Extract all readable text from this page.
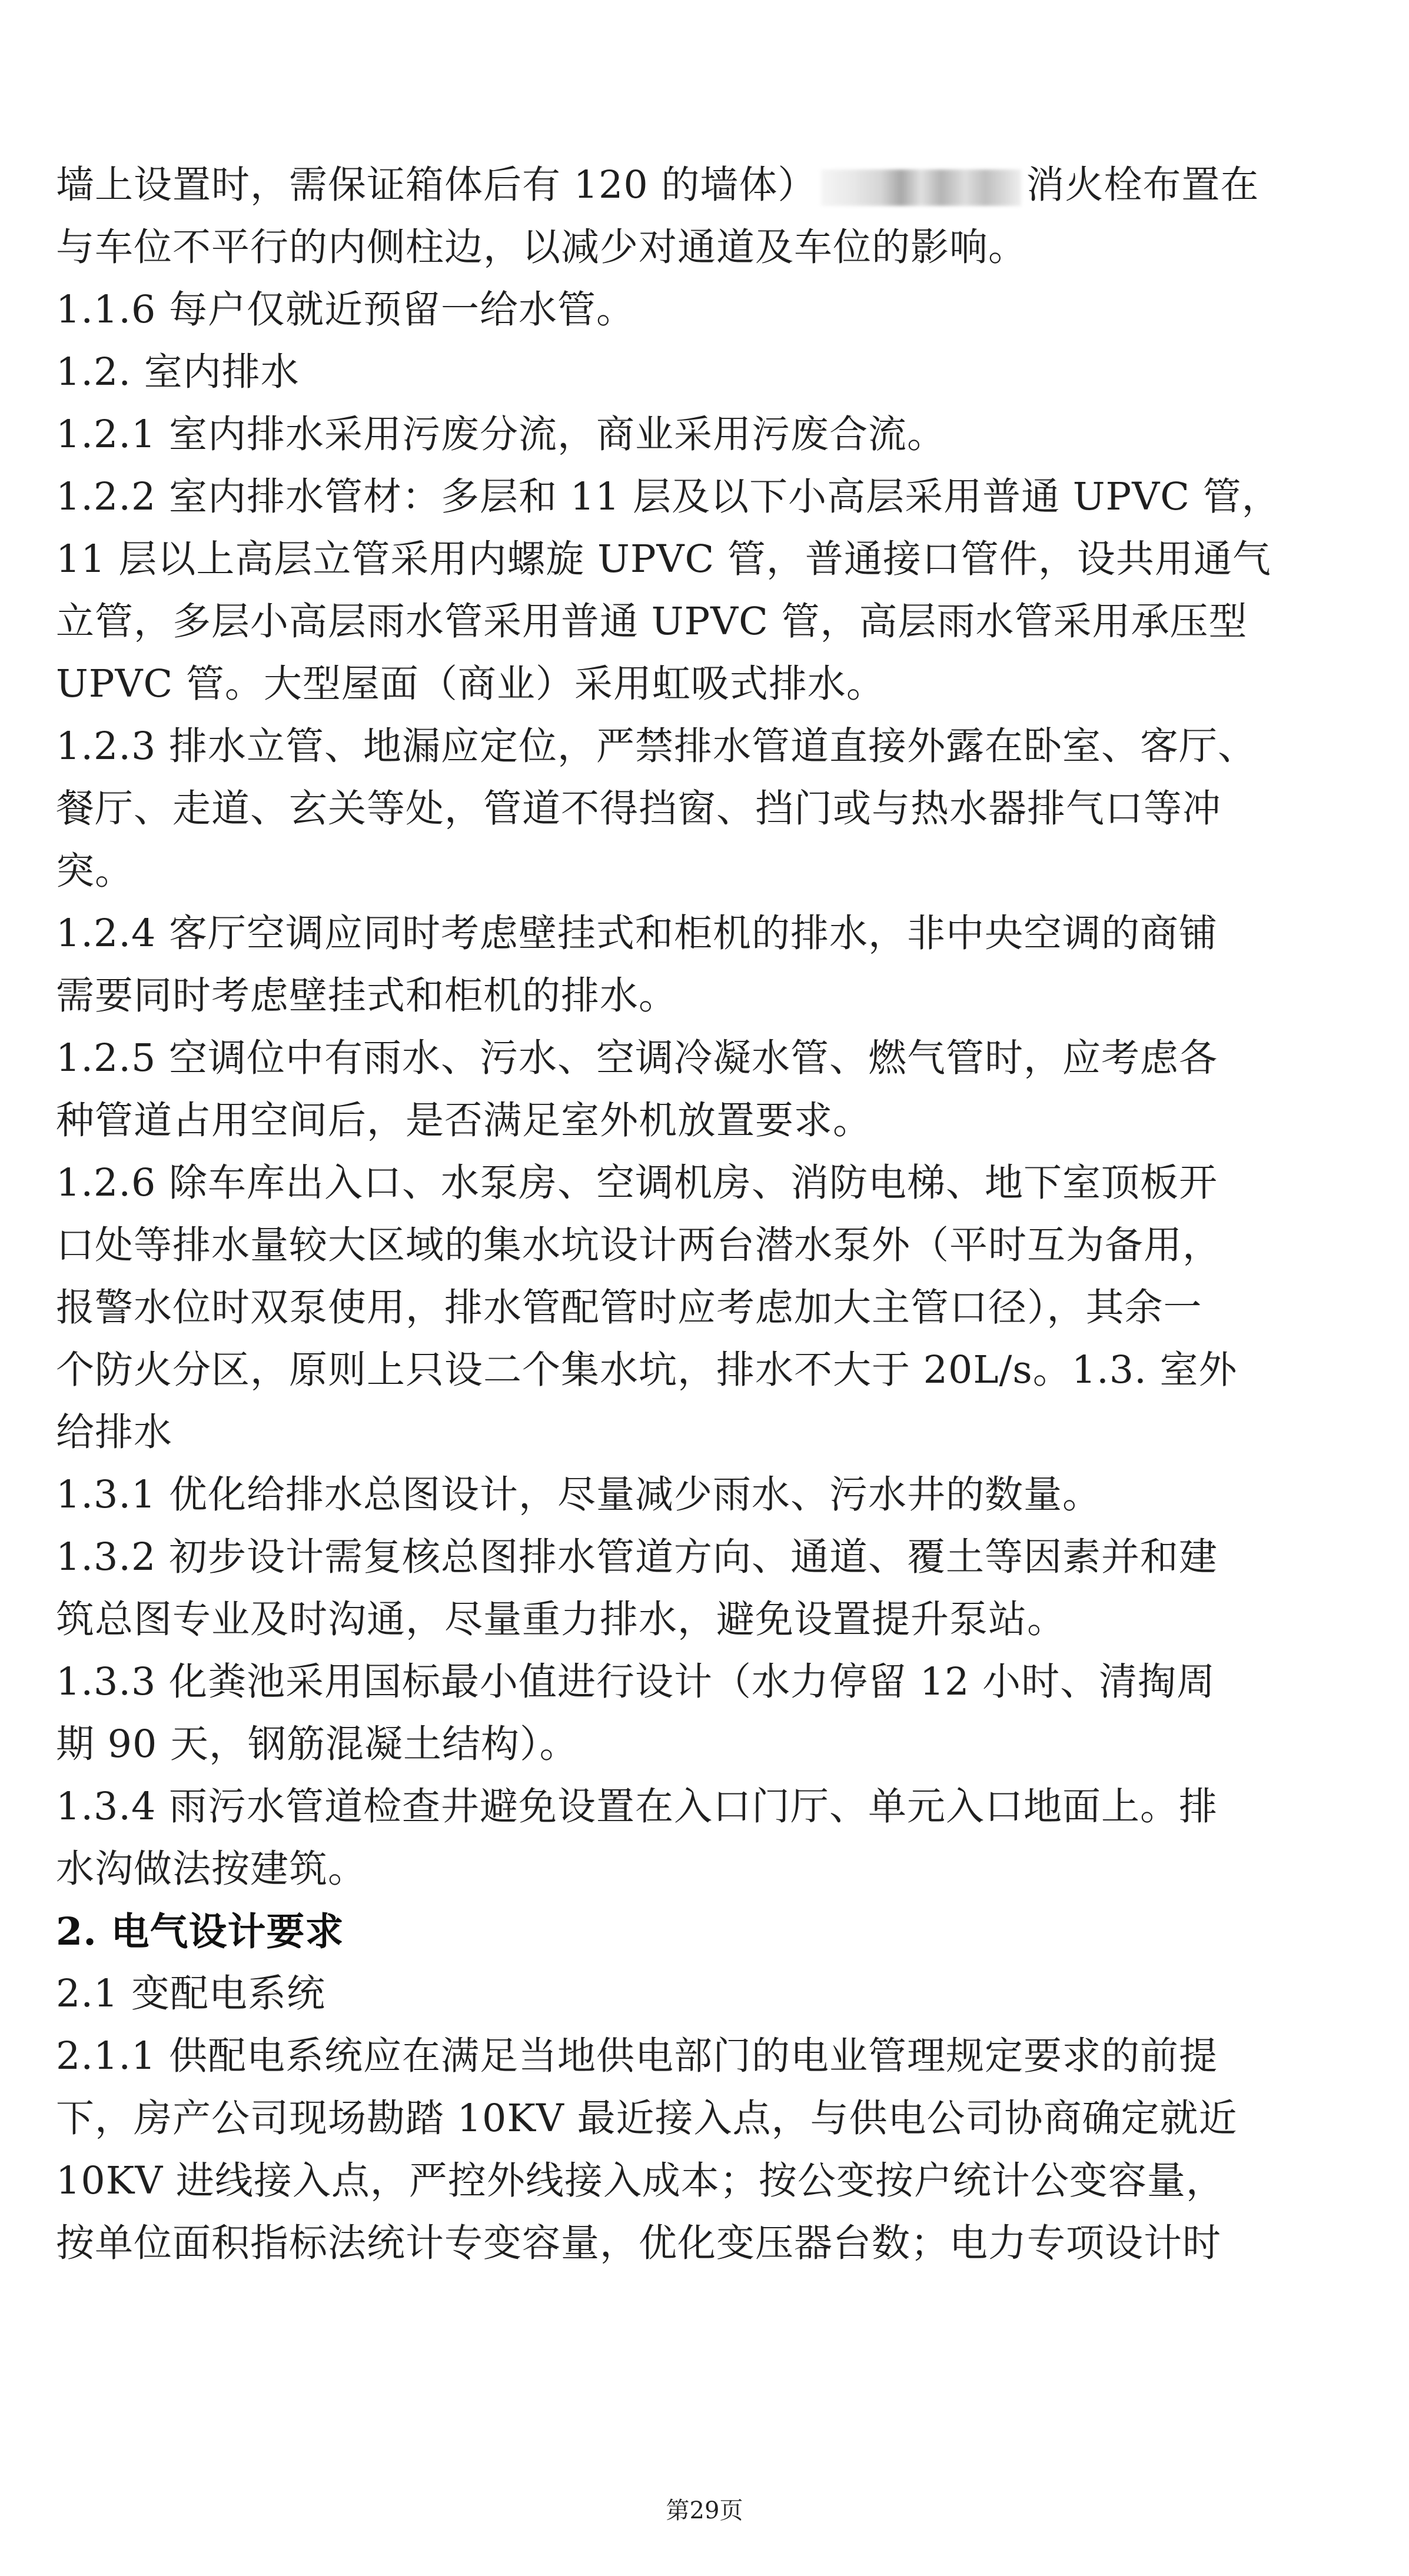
墙上设置时，需保证箱体后有 120 的墙体）	消火栓布置在
与车位不平行的内侧柱边，以减少对通道及车位的影响。
1.1.6 每户仅就近预留一给水管。
1.2. 室内排水
1.2.1 室内排水采用污废分流，商业采用污废合流。
1.2.2 室内排水管材：多层和 11 层及以下小高层采用普通 UPVC 管，
11 层以上高层立管采用内螺旋 UPVC 管，普通接口管件，设共用通气
立管，多层小高层雨水管采用普通 UPVC 管，高层雨水管采用承压型
UPVC 管。大型屋面（商业）采用虹吸式排水。
1.2.3 排水立管、地漏应定位，严禁排水管道直接外露在卧室、客厅、
餐厅、走道、玄关等处，管道不得挡窗、挡门或与热水器排气口等冲
突。
1.2.4 客厅空调应同时考虑壁挂式和柜机的排水，非中央空调的商铺
需要同时考虑壁挂式和柜机的排水。
1.2.5 空调位中有雨水、污水、空调冷凝水管、燃气管时，应考虑各
种管道占用空间后，是否满足室外机放置要求。
1.2.6 除车库出入口、水泵房、空调机房、消防电梯、地下室顶板开
口处等排水量较大区域的集水坑设计两台潜水泵外（平时互为备用，
报警水位时双泵使用，排水管配管时应考虑加大主管口径），其余一
个防火分区，原则上只设二个集水坑，排水不大于 20L/s。1.3. 室外
给排水
1.3.1 优化给排水总图设计，尽量减少雨水、污水井的数量。
1.3.2 初步设计需复核总图排水管道方向、通道、覆土等因素并和建
筑总图专业及时沟通，尽量重力排水，避免设置提升泵站。
1.3.3 化粪池采用国标最小值进行设计（水力停留 12 小时、清掏周
期 90 天，钢筋混凝土结构）。
1.3.4 雨污水管道检查井避免设置在入口门厅、单元入口地面上。排
水沟做法按建筑。
2. 电气设计要求
2.1 变配电系统
2.1.1 供配电系统应在满足当地供电部门的电业管理规定要求的前提
下，房产公司现场勘踏 10KV 最近接入点，与供电公司协商确定就近
10KV 进线接入点，严控外线接入成本；按公变按户统计公变容量，
按单位面积指标法统计专变容量，优化变压器台数；电力专项设计时
第29页
